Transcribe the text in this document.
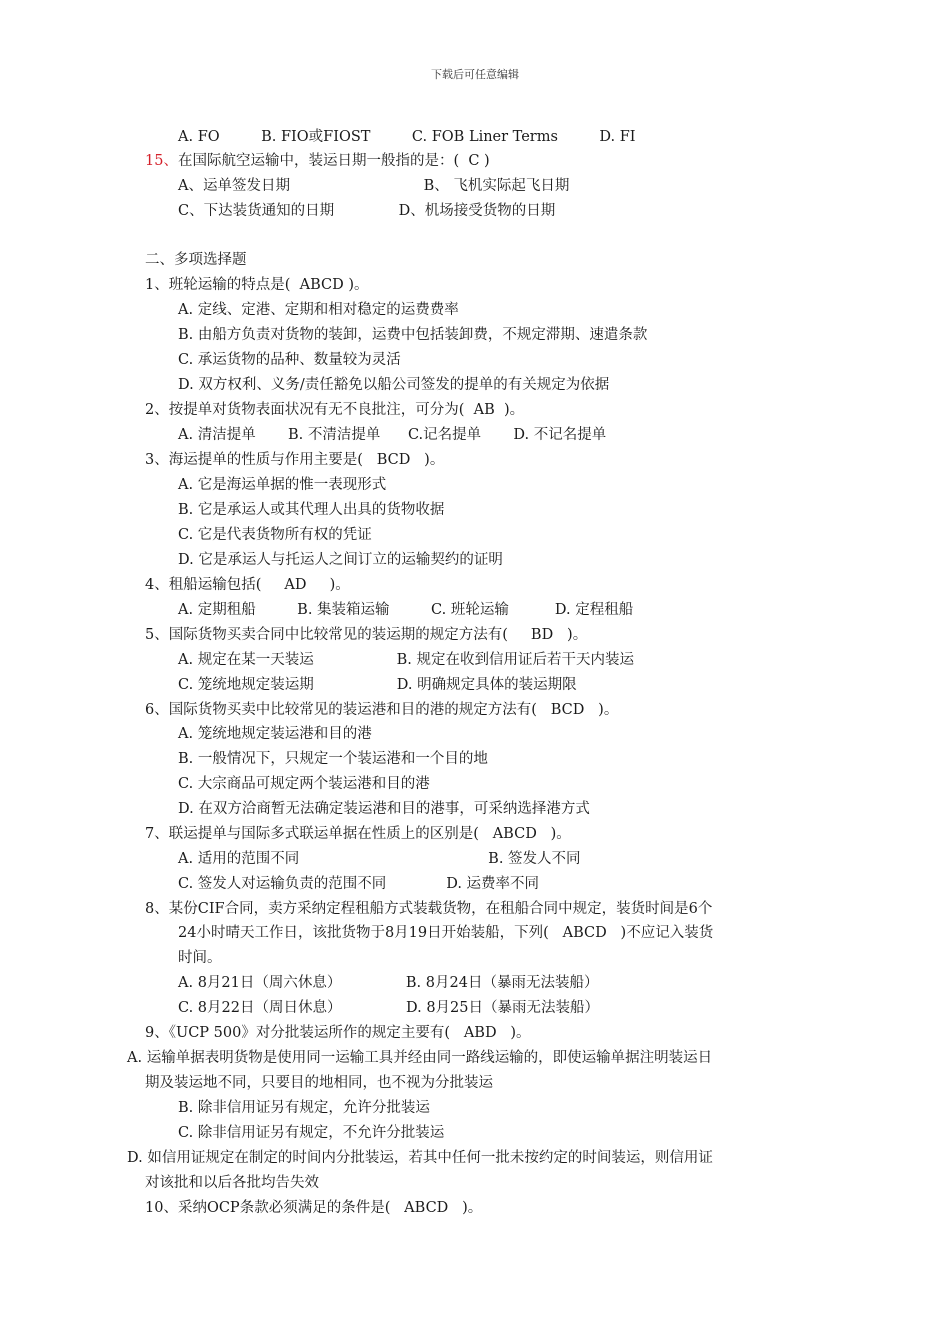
下载后可任意编辑
A. FO         B. FIO或FIOST         C. FOB Liner Terms         D. FI
15、在国际航空运输中，装运日期一般指的是：(  C )
A、运单签发日期                             B、 飞机实际起飞日期
C、下达装货通知的日期              D、机场接受货物的日期
二、多项选择题
1、班轮运输的特点是(  ABCD )。
A. 定线、定港、定期和相对稳定的运费费率
B. 由船方负责对货物的装卸，运费中包括装卸费，不规定滞期、速遣条款
C. 承运货物的品种、数量较为灵活
D. 双方权利、义务/责任豁免以船公司签发的提单的有关规定为依据
2、按提单对货物表面状况有无不良批注，可分为(  AB  )。
A. 清洁提单       B. 不清洁提单      C.记名提单       D. 不记名提单
3、海运提单的性质与作用主要是(   BCD   )。
A. 它是海运单据的惟一表现形式
B. 它是承运人或其代理人出具的货物收据
C. 它是代表货物所有权的凭证
D. 它是承运人与托运人之间订立的运输契约的证明
4、租船运输包括(     AD     )。
A. 定期租船         B. 集装箱运输         C. 班轮运输          D. 定程租船
5、国际货物买卖合同中比较常见的装运期的规定方法有(     BD   )。
A. 规定在某一天装运                  B. 规定在收到信用证后若干天内装运
C. 笼统地规定装运期                  D. 明确规定具体的装运期限
6、国际货物买卖中比较常见的装运港和目的港的规定方法有(   BCD   )。
A. 笼统地规定装运港和目的港
B. 一般情况下，只规定一个装运港和一个目的地
C. 大宗商品可规定两个装运港和目的港
D. 在双方洽商暂无法确定装运港和目的港事，可采纳选择港方式
7、联运提单与国际多式联运单据在性质上的区别是(   ABCD   )。
A. 适用的范围不同                                         B. 签发人不同
C. 签发人对运输负责的范围不同             D. 运费率不同
8、某份CIF合同，卖方采纳定程租船方式装载货物，在租船合同中规定，装货时间是6个
24小时晴天工作日，该批货物于8月19日开始装船，下列(   ABCD   )不应记入装货
时间。
A. 8月21日（周六休息）              B. 8月24日（暴雨无法装船）
C. 8月22日（周日休息）              D. 8月25日（暴雨无法装船）
9、《UCP 500》对分批装运所作的规定主要有(   ABD   )。
A. 运输单据表明货物是使用同一运输工具并经由同一路线运输的，即使运输单据注明装运日
期及装运地不同，只要目的地相同，也不视为分批装运
B. 除非信用证另有规定，允许分批装运
C. 除非信用证另有规定，不允许分批装运
D. 如信用证规定在制定的时间内分批装运，若其中任何一批未按约定的时间装运，则信用证
对该批和以后各批均告失效
10、采纳OCP条款必须满足的条件是(   ABCD   )。
